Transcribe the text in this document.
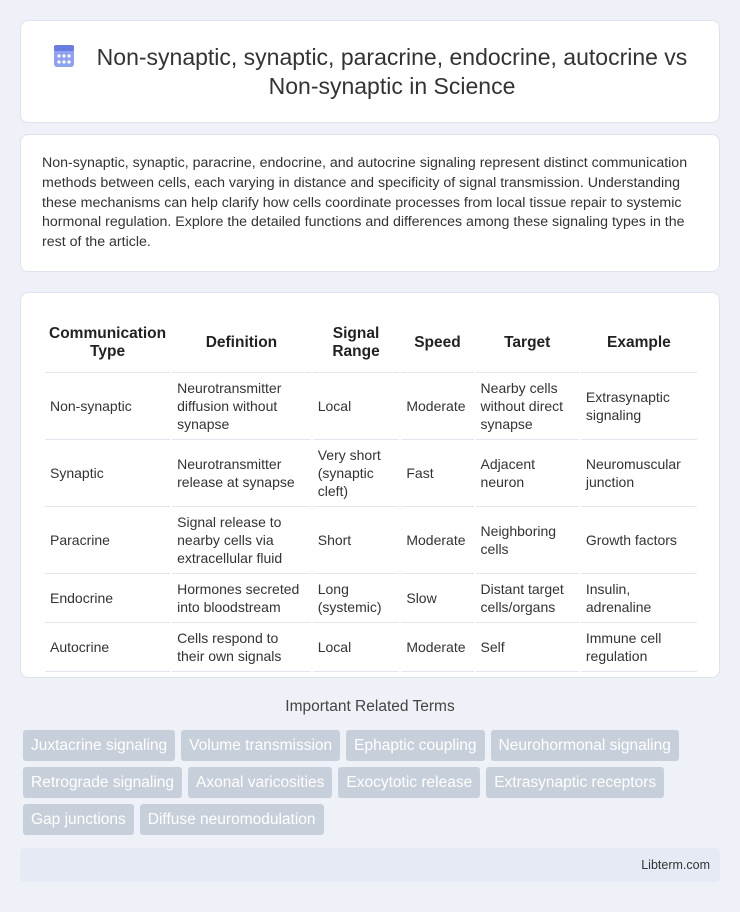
Non-synaptic, synaptic, paracrine, endocrine, autocrine vs Non-synaptic in Science

Non-synaptic, synaptic, paracrine, endocrine, and autocrine signaling represent distinct communication methods between cells, each varying in distance and specificity of signal transmission. Understanding these mechanisms can help clarify how cells coordinate processes from local tissue repair to systemic hormonal regulation. Explore the detailed functions and differences among these signaling types in the rest of the article.

Communication Type	Definition	Signal Range	Speed	Target	Example
Non-synaptic	Neurotransmitter diffusion without synapse	Local	Moderate	Nearby cells without direct synapse	Extrasynaptic signaling
Synaptic	Neurotransmitter release at synapse	Very short (synaptic cleft)	Fast	Adjacent neuron	Neuromuscular junction
Paracrine	Signal release to nearby cells via extracellular fluid	Short	Moderate	Neighboring cells	Growth factors
Endocrine	Hormones secreted into bloodstream	Long (systemic)	Slow	Distant target cells/organs	Insulin, adrenaline
Autocrine	Cells respond to their own signals	Local	Moderate	Self	Immune cell regulation
Important Related Terms
Juxtacrine signaling	Volume transmission	Ephaptic coupling	Neurohormonal signaling
Retrograde signaling	Axonal varicosities	Exocytotic release	Extrasynaptic receptors
Gap junctions	Diffuse neuromodulation
Libterm.com
